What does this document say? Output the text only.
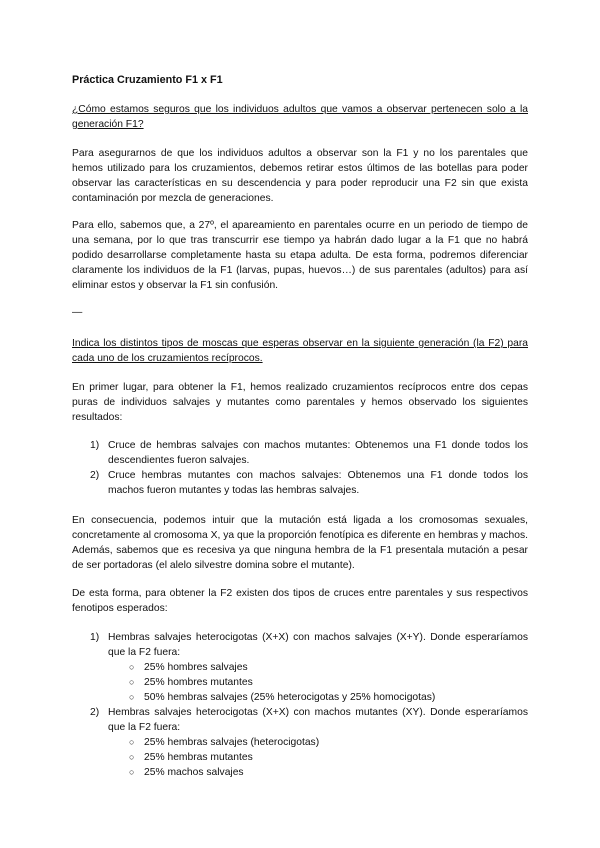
Práctica Cruzamiento F1 x F1
¿Cómo estamos seguros que los individuos adultos que vamos a observar pertenecen solo a la generación F1?
Para asegurarnos de que los individuos adultos a observar son la F1 y no los parentales que hemos utilizado para los cruzamientos, debemos retirar estos últimos de las botellas para poder observar las características en su descendencia y para poder reproducir una F2 sin que exista contaminación por mezcla de generaciones.
Para ello, sabemos que, a 27º, el apareamiento en parentales ocurre en un periodo de tiempo de una semana, por lo que tras transcurrir ese tiempo ya habrán dado lugar a la F1 que no habrá podido desarrollarse completamente hasta su etapa adulta. De esta forma, podremos diferenciar claramente los individuos de la F1 (larvas, pupas, huevos…) de sus parentales (adultos) para así eliminar estos y observar la F1 sin confusión.
—
Indica los distintos tipos de moscas que esperas observar en la siguiente generación (la F2) para cada uno de los cruzamientos recíprocos.
En primer lugar, para obtener la F1, hemos realizado cruzamientos recíprocos entre dos cepas puras de individuos salvajes y mutantes como parentales y hemos observado los siguientes resultados:
1) Cruce de hembras salvajes con machos mutantes: Obtenemos una F1 donde todos los descendientes fueron salvajes.
2) Cruce hembras mutantes con machos salvajes: Obtenemos una F1 donde todos los machos fueron mutantes y todas las hembras salvajes.
En consecuencia, podemos intuir que la mutación está ligada a los cromosomas sexuales, concretamente al cromosoma X, ya que la proporción fenotípica es diferente en hembras y machos. Además, sabemos que es recesiva ya que ninguna hembra de la F1 presentala mutación a pesar de ser portadoras (el alelo silvestre domina sobre el mutante).
De esta forma, para obtener la F2 existen dos tipos de cruces entre parentales y sus respectivos fenotipos esperados:
1) Hembras salvajes heterocigotas (X+X) con machos salvajes (X+Y). Donde esperaríamos que la F2 fuera:
○ 25% hombres salvajes
○ 25% hombres mutantes
○ 50% hembras salvajes (25% heterocigotas y 25% homocigotas)
2) Hembras salvajes heterocigotas (X+X) con machos mutantes (XY). Donde esperaríamos que la F2 fuera:
○ 25% hembras salvajes (heterocigotas)
○ 25% hembras mutantes
○ 25% machos salvajes
